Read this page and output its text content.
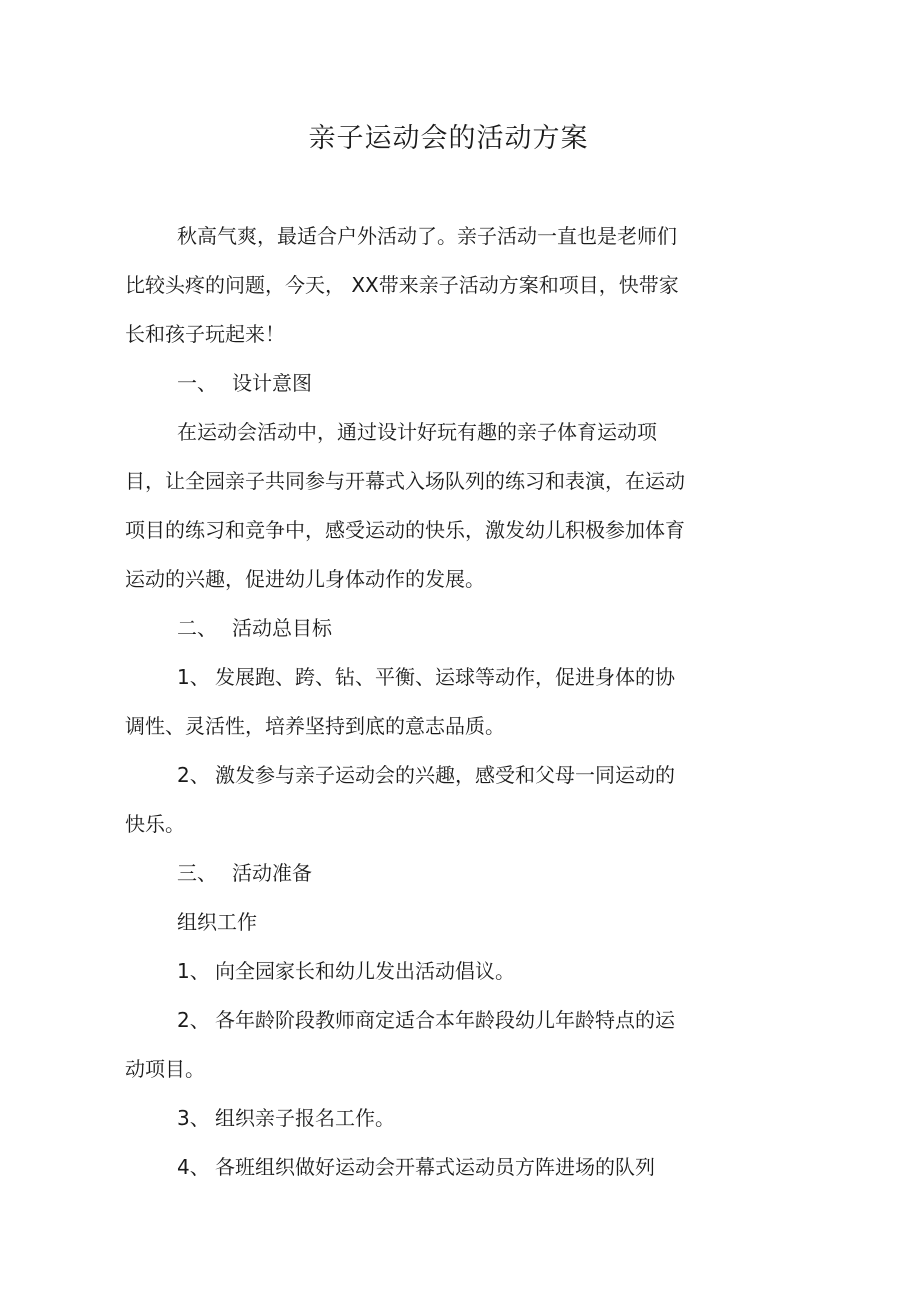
亲子运动会的活动方案

秋高气爽，最适合户外活动了。亲子活动一直也是老师们比较头疼的问题，今天， XX带来亲子活动方案和项目，快带家长和孩子玩起来！

一、 设计意图

在运动会活动中，通过设计好玩有趣的亲子体育运动项目，让全园亲子共同参与开幕式入场队列的练习和表演，在运动项目的练习和竞争中，感受运动的快乐，激发幼儿积极参加体育运动的兴趣，促进幼儿身体动作的发展。

二、 活动总目标

1、 发展跑、跨、钻、平衡、运球等动作，促进身体的协调性、灵活性，培养坚持到底的意志品质。

2、 激发参与亲子运动会的兴趣，感受和父母一同运动的快乐。

三、 活动准备

组织工作

1、 向全园家长和幼儿发出活动倡议。

2、 各年龄阶段教师商定适合本年龄段幼儿年龄特点的运动项目。

3、 组织亲子报名工作。

4、 各班组织做好运动会开幕式运动员方阵进场的队列
